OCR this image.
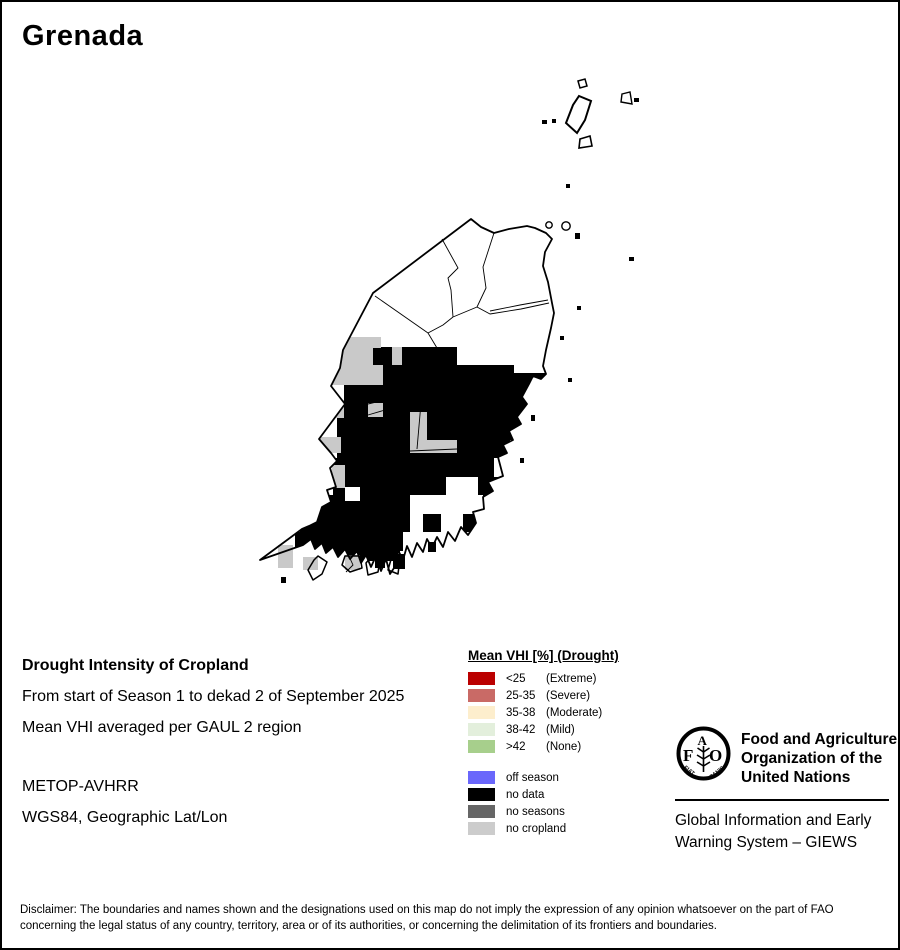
Grenada
Drought Intensity of Cropland
From start of Season 1 to dekad 2 of September 2025
Mean VHI averaged per GAUL 2 region
METOP-AVHRR
WGS84, Geographic Lat/Lon
Mean VHI [%] (Drought)
<25	(Extreme)
25-35 (Severe)
35-38 (Moderate)
38-42 (Mild)
>42	(None)
off season
no data
no seasons
no cropland
F O
A
FIAT PANIS
Food and Agriculture
Organization of the
United Nations
Global Information and Early
Warning System – GIEWS
Disclaimer: The boundaries and names shown and the designations used on this map do not imply the expression of any opinion whatsoever on the part of FAO
concerning the legal status of any country, territory, area or of its authorities, or concerning the delimitation of its frontiers and boundaries.
